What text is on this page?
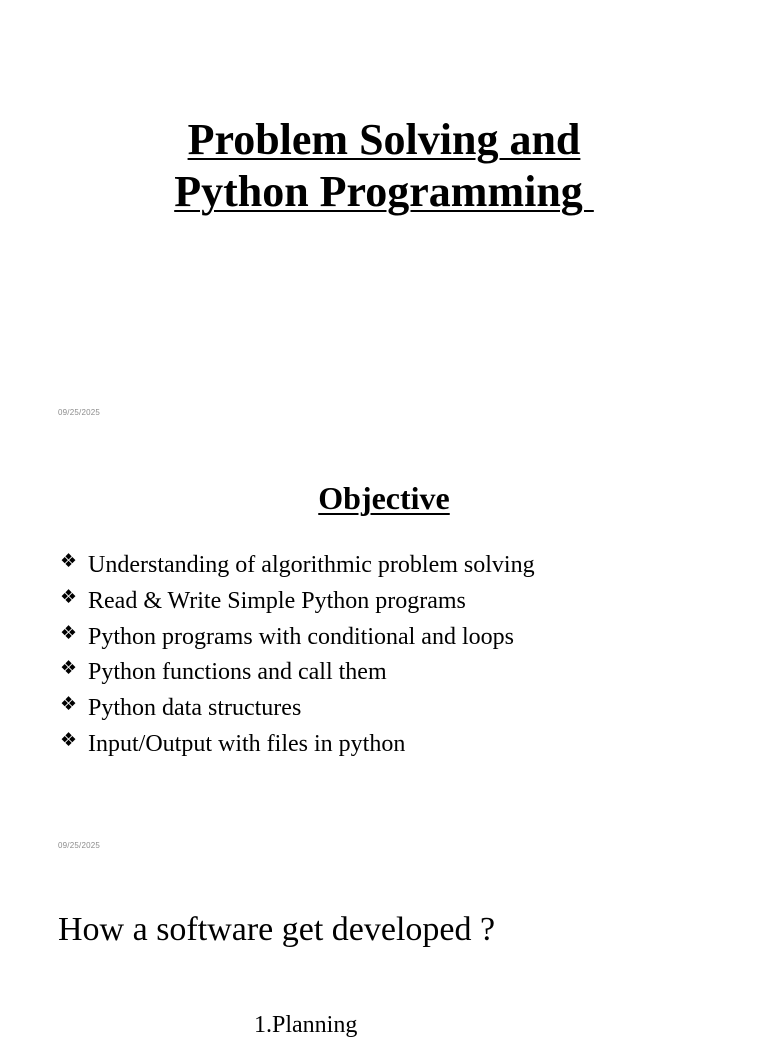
Problem Solving and
Python Programming
09/25/2025
Objective
❖ Understanding of algorithmic problem solving
❖ Read & Write Simple Python programs
❖ Python programs with conditional and loops
❖ Python functions and call them
❖ Python data structures
❖ Input/Output with files in python
09/25/2025
How a software get developed ?
1.Planning
